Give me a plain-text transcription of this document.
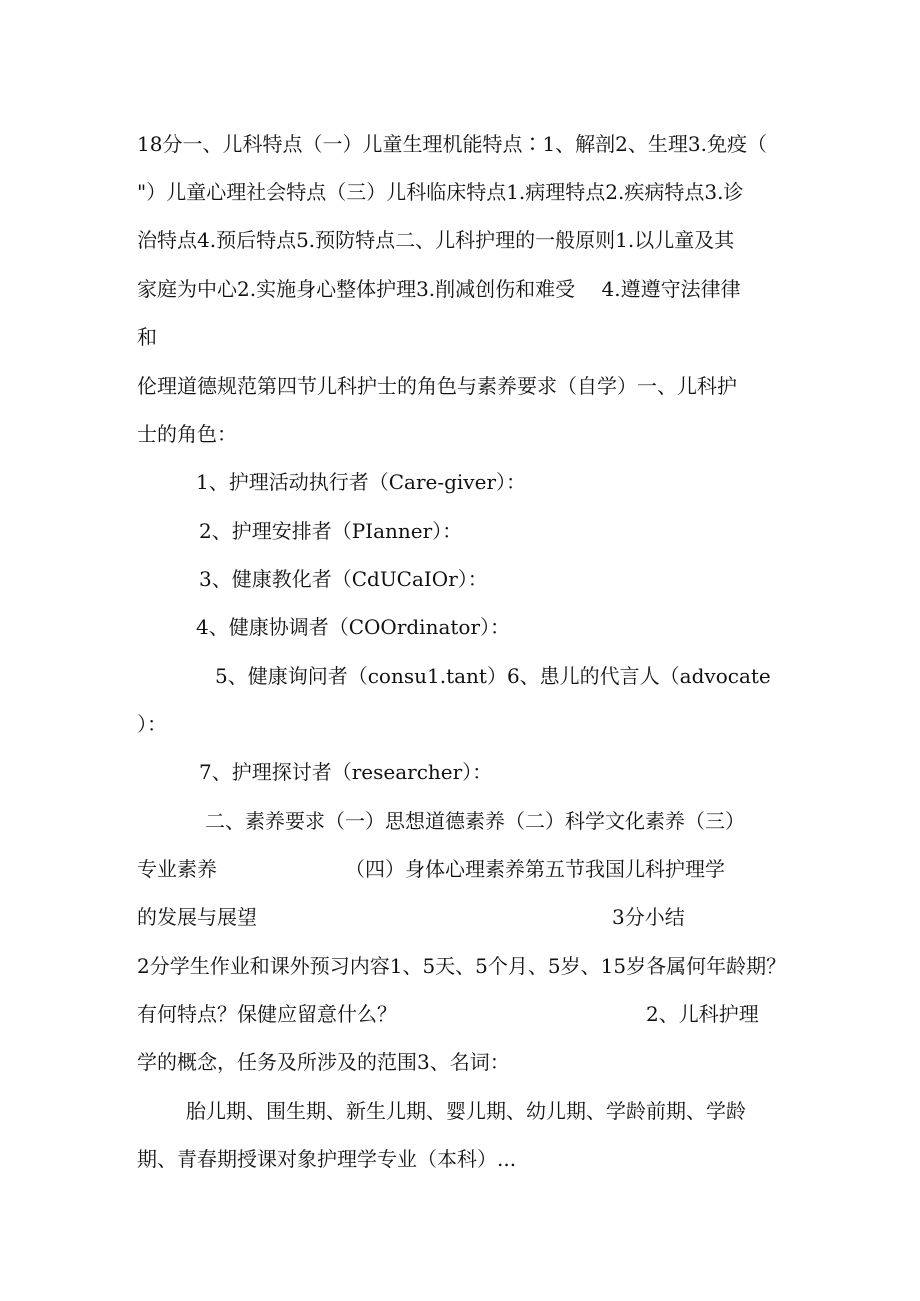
18分一、儿科特点（一）儿童生理机能特点∶1、解剖2、生理3.免疫（

"）儿童心理社会特点（三）儿科临床特点1.病理特点2.疾病特点3.诊

治特点4.预后特点5.预防特点二、儿科护理的一般原则1.以儿童及其

家庭为中心2.实施身心整体护理3.削减创伤和难受　 4.遵遵守法律律

和

伦理道德规范第四节儿科护士的角色与素养要求（自学）一、儿科护

士的角色：

1、护理活动执行者（Care-giver）：

2、护理安排者（PIanner）：

3、健康教化者（CdUCaIOr）：

4、健康协调者（COOrdinator）：

5、健康询问者（consu1.tant）6、患儿的代言人（advocate

）：

7、护理探讨者（researcher）：

二、素养要求（一）思想道德素养（二）科学文化素养（三）

专业素养	（四）身体心理素养第五节我国儿科护理学

的发展与展望	3分小结

2分学生作业和课外预习内容1、5天、5个月、5岁、15岁各属何年龄期？

有何特点？保健应留意什么？	2、儿科护理

学的概念，任务及所涉及的范围3、名词：

胎儿期、围生期、新生儿期、婴儿期、幼儿期、学龄前期、学龄

期、青春期授课对象护理学专业（本科）...
